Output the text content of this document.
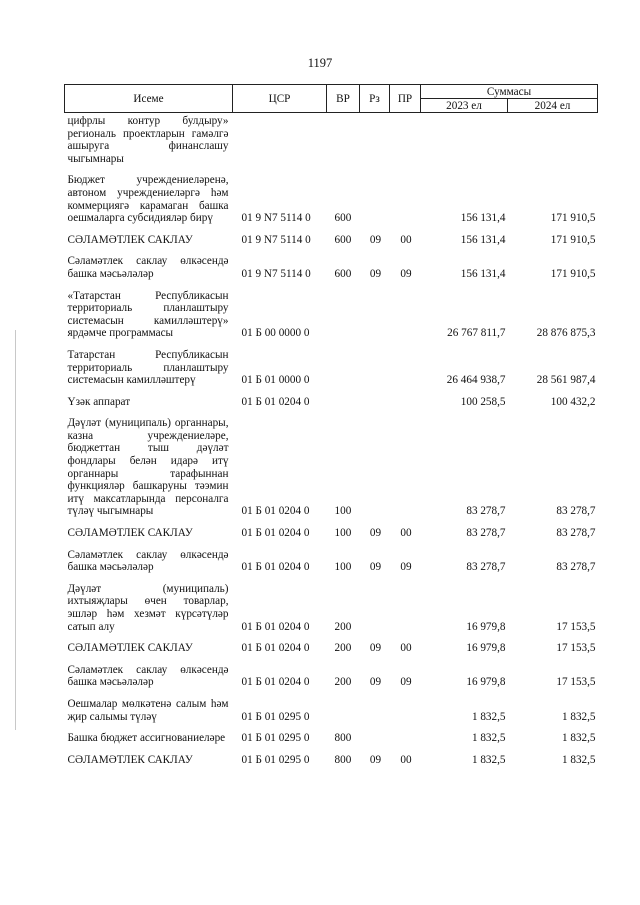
1197
Исеме	ЦСР	ВР	Рз	ПР	Суммасы	
					2023 ел	2024 ел
цифрлы контур булдыру» региональ проектларын гамәлгә ашыруга финанслашу чыгымнары						
Бюджет учреждениеләренә, автоном учреждениеләргә һәм коммерциягә карамаган башка оешмаларга субсидияләр бирү	01 9 N7 5114 0	600			156 131,4	171 910,5
СӘЛАМӘТЛЕК САКЛАУ	01 9 N7 5114 0	600	09	00	156 131,4	171 910,5
Сәламәтлек саклау өлкәсендә башка мәсьәләләр	01 9 N7 5114 0	600	09	09	156 131,4	171 910,5
«Татарстан Республикасын территориаль планлаштыру системасын камилләштерү» ярдәмче программасы	01 Б 00 0000 0				26 767 811,7	28 876 875,3
Татарстан Республикасын территориаль планлаштыру системасын камилләштерү	01 Б 01 0000 0				26 464 938,7	28 561 987,4
Үзәк аппарат	01 Б 01 0204 0				100 258,5	100 432,2
Дәүләт (муниципаль) органнары, казна учреждениеләре, бюджеттан тыш дәүләт фондлары белән идарә итү органнары тарафыннан функцияләр башкаруны тәэмин итү максатларында персоналга түләү чыгымнары	01 Б 01 0204 0	100			83 278,7	83 278,7
СӘЛАМӘТЛЕК САКЛАУ	01 Б 01 0204 0	100	09	00	83 278,7	83 278,7
Сәламәтлек саклау өлкәсендә башка мәсьәләләр	01 Б 01 0204 0	100	09	09	83 278,7	83 278,7
Дәүләт (муниципаль) ихтыяҗлары өчен товарлар, эшләр һәм хезмәт күрсәтүләр сатып алу	01 Б 01 0204 0	200			16 979,8	17 153,5
СӘЛАМӘТЛЕК САКЛАУ	01 Б 01 0204 0	200	09	00	16 979,8	17 153,5
Сәламәтлек саклау өлкәсендә башка мәсьәләләр	01 Б 01 0204 0	200	09	09	16 979,8	17 153,5
Оешмалар мөлкәтенә салым һәм җир салымы түләү	01 Б 01 0295 0				1 832,5	1 832,5
Башка бюджет ассигнованиеләре	01 Б 01 0295 0	800			1 832,5	1 832,5
СӘЛАМӘТЛЕК САКЛАУ	01 Б 01 0295 0	800	09	00	1 832,5	1 832,5
